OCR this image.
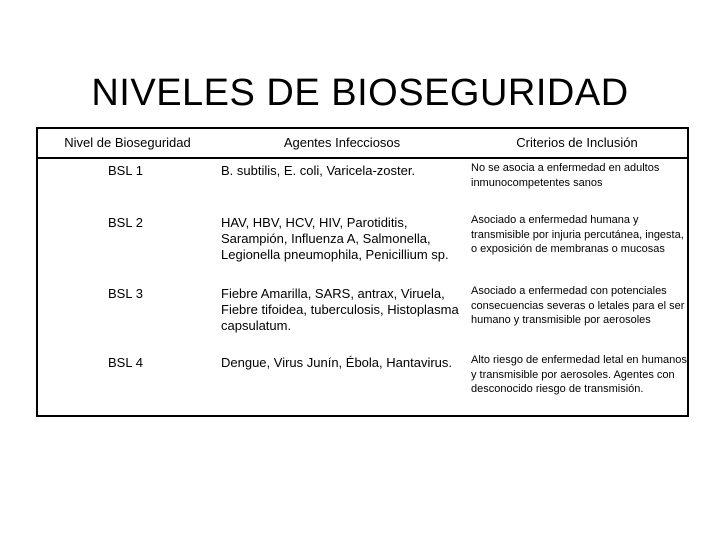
NIVELES DE BIOSEGURIDAD
Nivel de Bioseguridad	Agentes Infecciosos	Criterios de Inclusión
BSL 1	B. subtilis, E. coli, Varicela-zoster.	No se asocia a enfermedad en adultos inmunocompetentes sanos
BSL 2	HAV, HBV, HCV, HIV, Parotiditis, Sarampión, Influenza A, Salmonella, Legionella pneumophila, Penicillium sp.	Asociado a enfermedad humana y transmisible por injuria percutánea, ingesta, o exposición de membranas o mucosas
BSL 3	Fiebre Amarilla, SARS, antrax, Viruela, Fiebre tifoidea, tuberculosis, Histoplasma capsulatum.	Asociado a enfermedad con potenciales consecuencias severas o letales para el ser humano y transmisible por aerosoles
BSL 4	Dengue, Virus Junín, Ébola, Hantavirus.	Alto riesgo de enfermedad letal en humanos y transmisible por aerosoles. Agentes con desconocido riesgo de transmisión.
